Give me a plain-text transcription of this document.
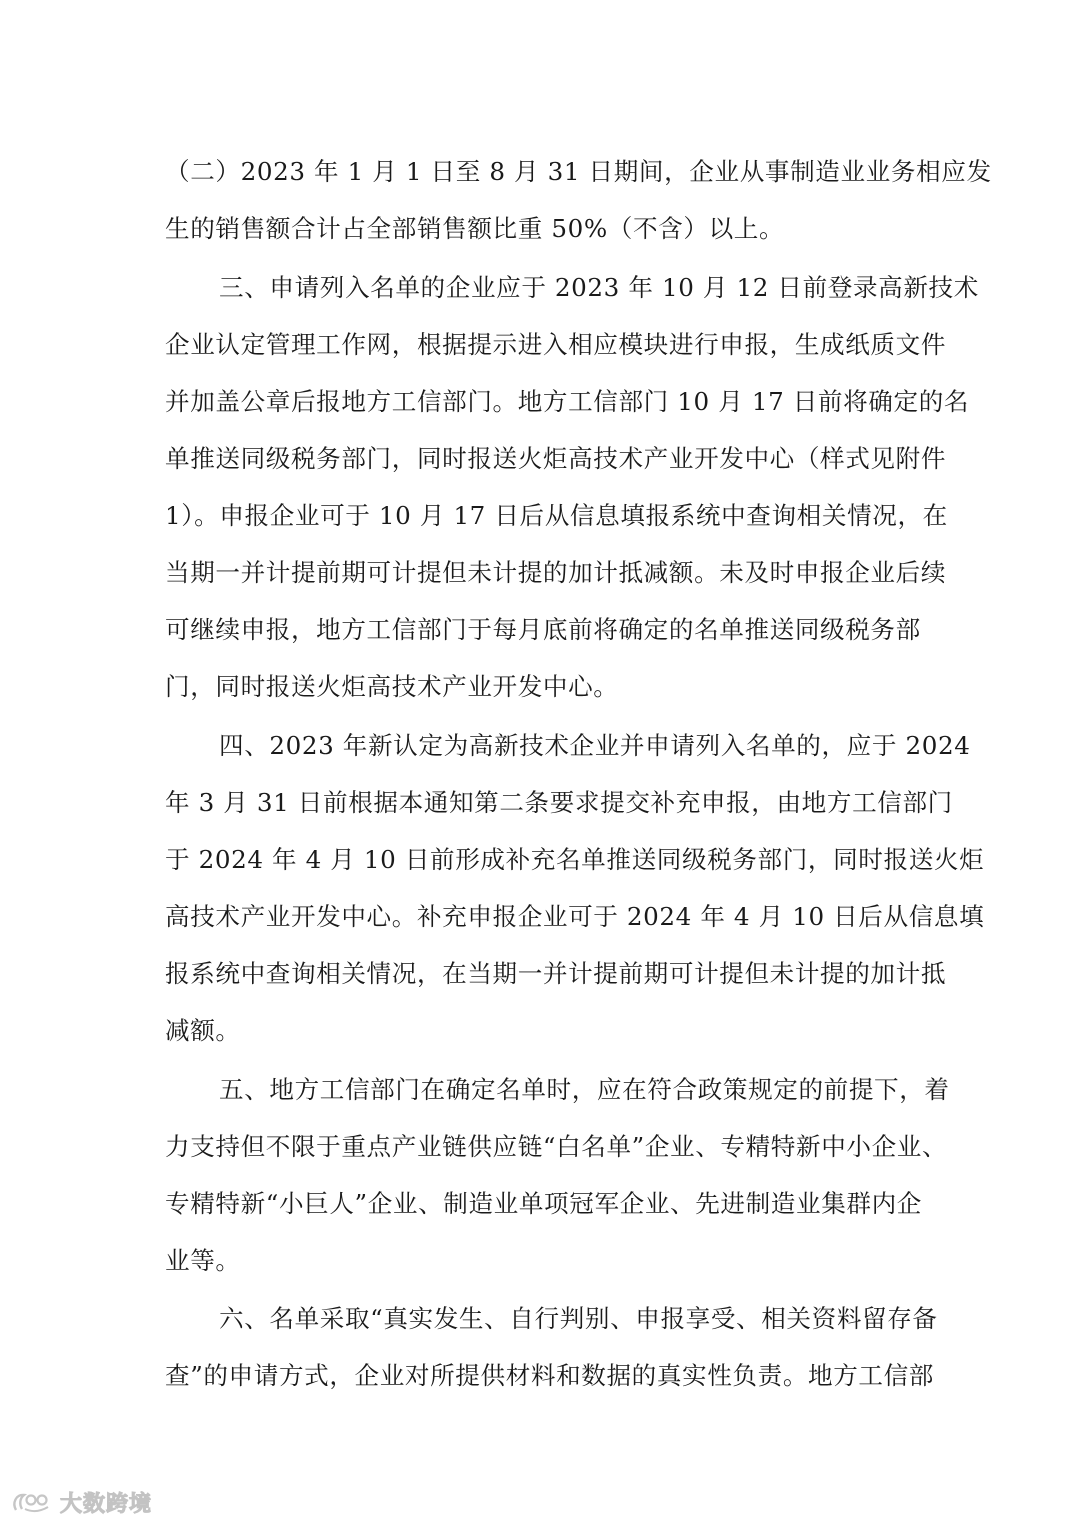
（二）2023 年 1 月 1 日至 8 月 31 日期间，企业从事制造业业务相应发
生的销售额合计占全部销售额比重 50%（不含）以上。
三、申请列入名单的企业应于 2023 年 10 月 12 日前登录高新技术
企业认定管理工作网，根据提示进入相应模块进行申报，生成纸质文件
并加盖公章后报地方工信部门。地方工信部门 10 月 17 日前将确定的名
单推送同级税务部门，同时报送火炬高技术产业开发中心（样式见附件
1）。申报企业可于 10 月 17 日后从信息填报系统中查询相关情况，在
当期一并计提前期可计提但未计提的加计抵减额。未及时申报企业后续
可继续申报，地方工信部门于每月底前将确定的名单推送同级税务部
门，同时报送火炬高技术产业开发中心。
四、2023 年新认定为高新技术企业并申请列入名单的，应于 2024
年 3 月 31 日前根据本通知第二条要求提交补充申报，由地方工信部门
于 2024 年 4 月 10 日前形成补充名单推送同级税务部门，同时报送火炬
高技术产业开发中心。补充申报企业可于 2024 年 4 月 10 日后从信息填
报系统中查询相关情况，在当期一并计提前期可计提但未计提的加计抵
减额。
五、地方工信部门在确定名单时，应在符合政策规定的前提下，着
力支持但不限于重点产业链供应链“白名单”企业、专精特新中小企业、
专精特新“小巨人”企业、制造业单项冠军企业、先进制造业集群内企
业等。
六、名单采取“真实发生、自行判别、申报享受、相关资料留存备
查”的申请方式，企业对所提供材料和数据的真实性负责。地方工信部
大数跨境
